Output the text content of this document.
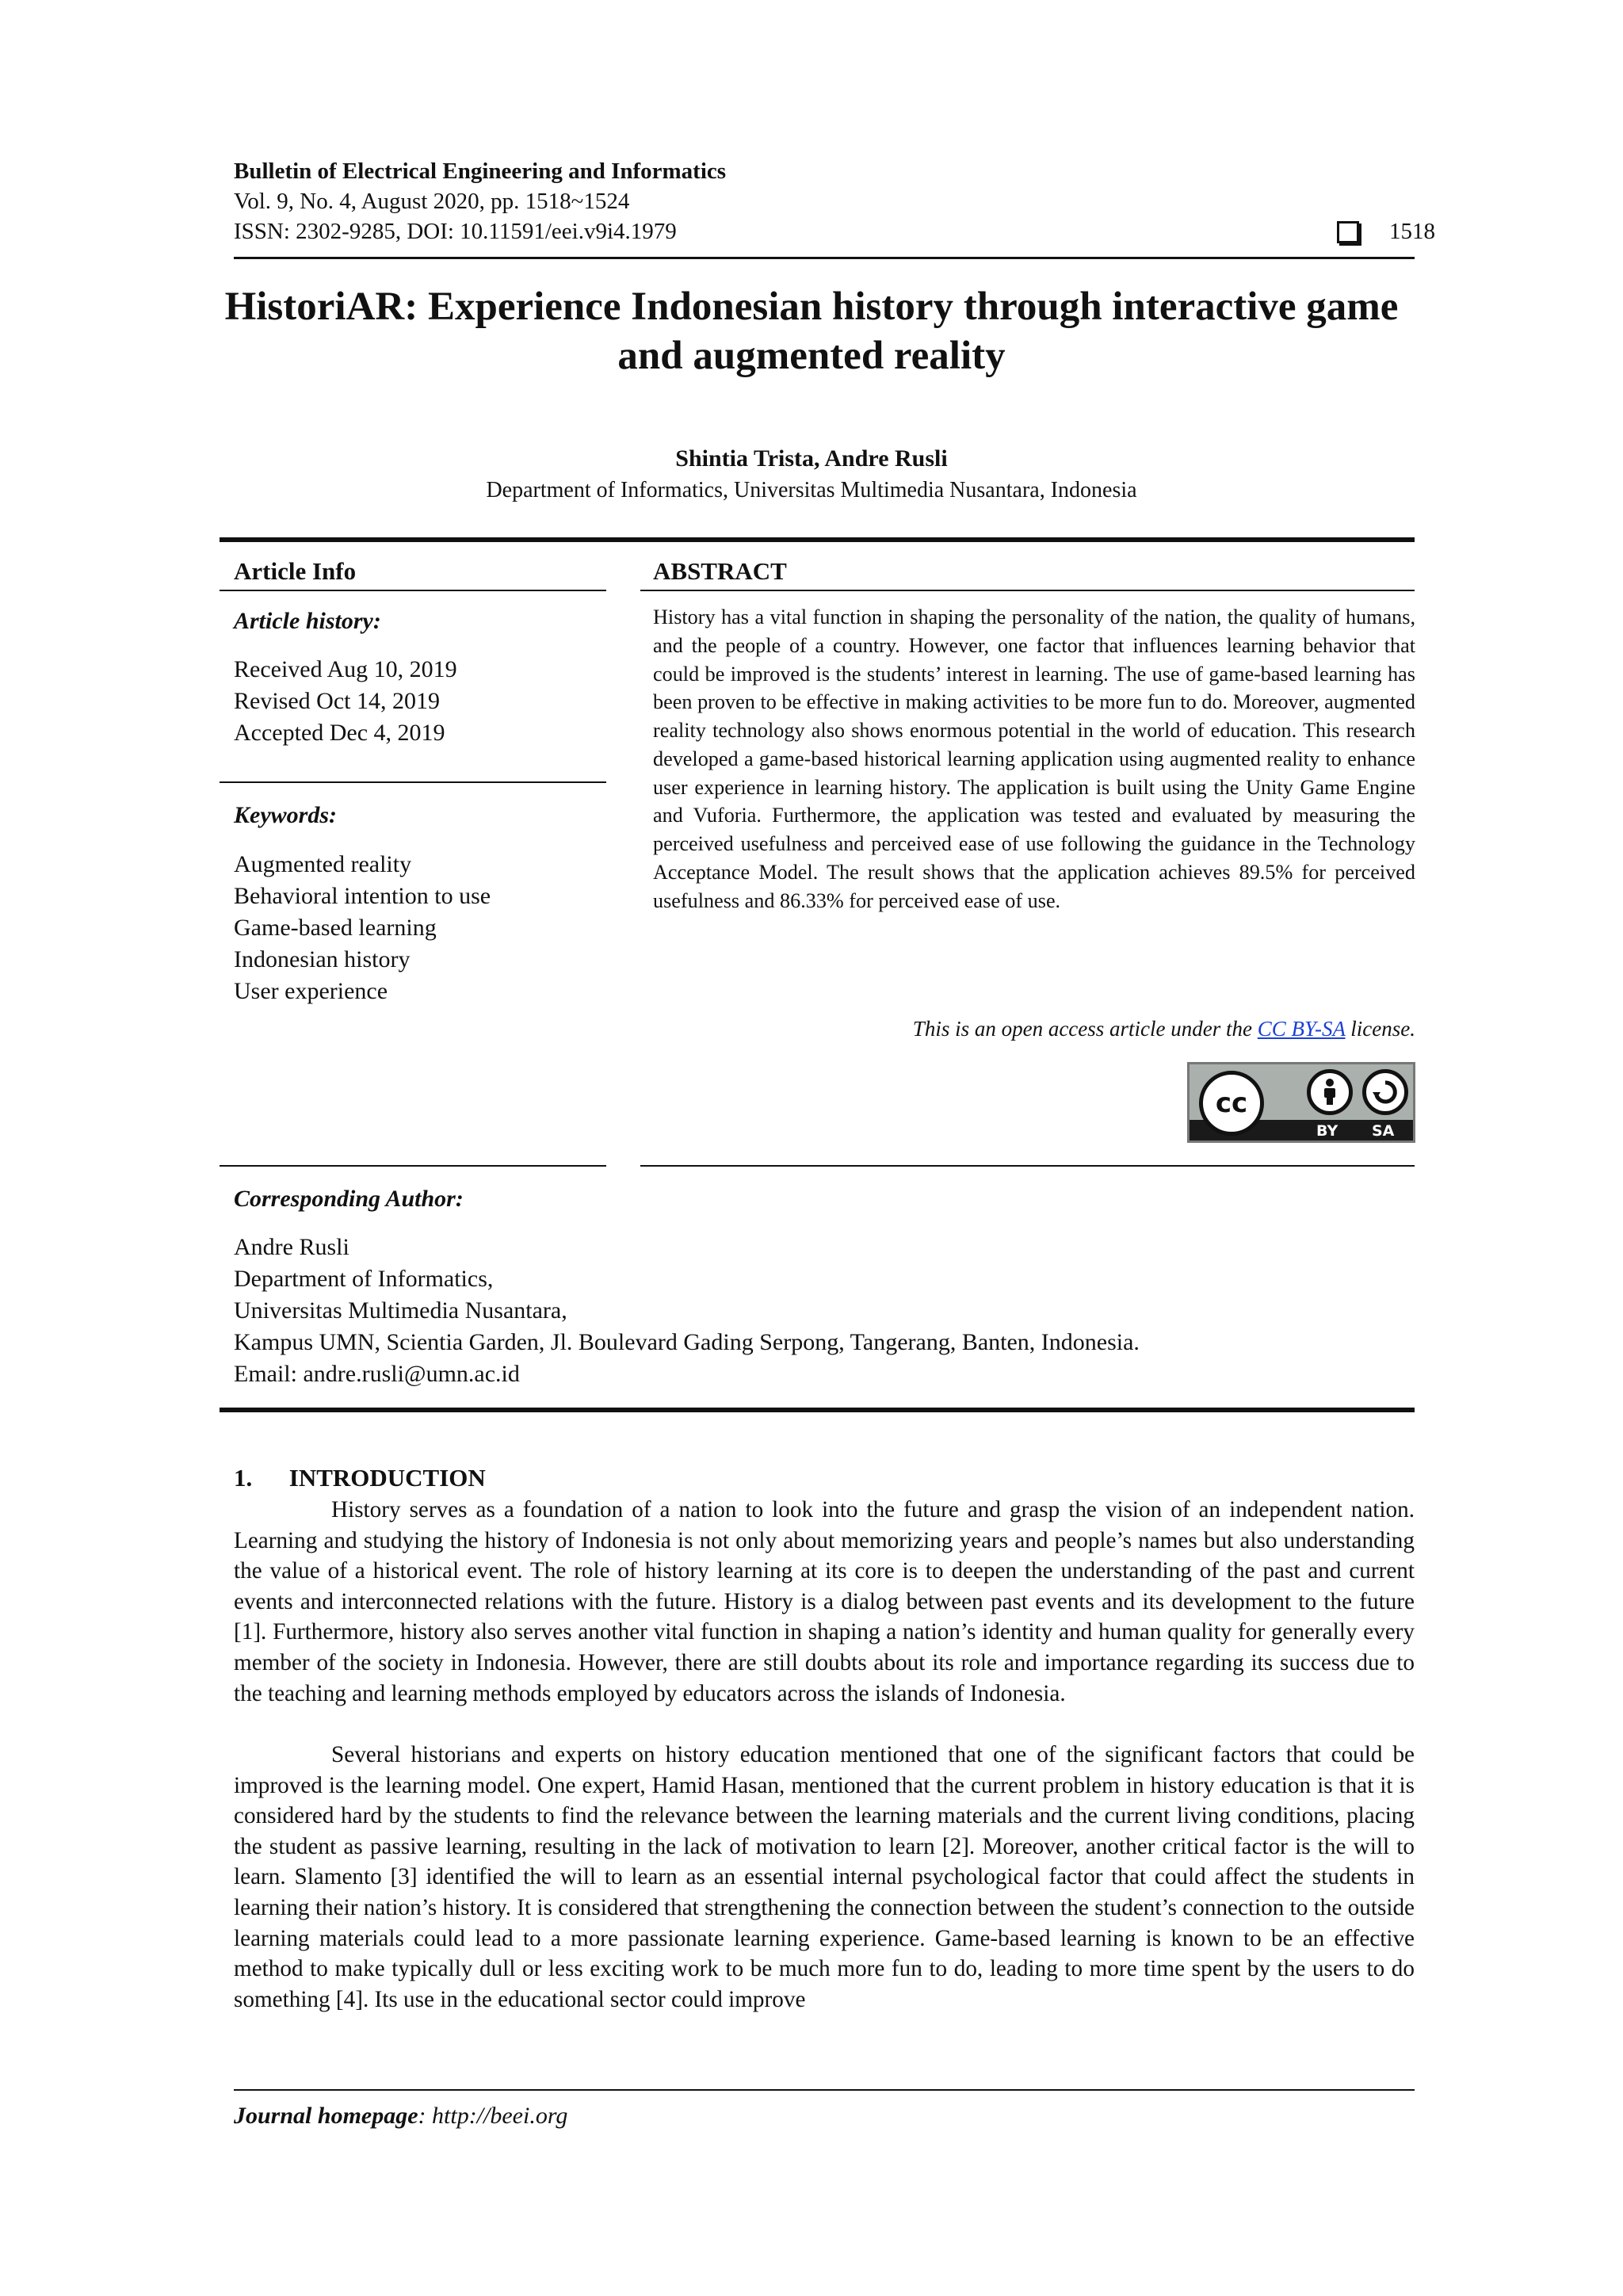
Bulletin of Electrical Engineering and Informatics
Vol. 9, No. 4, August 2020, pp. 1518~1524
ISSN: 2302-9285, DOI: 10.11591/eei.v9i4.1979	1518
HistoriAR: Experience Indonesian history through interactive game and augmented reality
Shintia Trista, Andre Rusli
Department of Informatics, Universitas Multimedia Nusantara, Indonesia
Article Info
Article history:
Received Aug 10, 2019
Revised Oct 14, 2019
Accepted Dec 4, 2019
Keywords:
Augmented reality
Behavioral intention to use
Game-based learning
Indonesian history
User experience
ABSTRACT
History has a vital function in shaping the personality of the nation, the quality of humans, and the people of a country. However, one factor that influences learning behavior that could be improved is the students’ interest in learning. The use of game-based learning has been proven to be effective in making activities to be more fun to do. Moreover, augmented reality technology also shows enormous potential in the world of education. This research developed a game-based historical learning application using augmented reality to enhance user experience in learning history. The application is built using the Unity Game Engine and Vuforia. Furthermore, the application was tested and evaluated by measuring the perceived usefulness and perceived ease of use following the guidance in the Technology Acceptance Model. The result shows that the application achieves 89.5% for perceived usefulness and 86.33% for perceived ease of use.
This is an open access article under the CC BY-SA license.
cc
BY SA
Corresponding Author:
Andre Rusli
Department of Informatics,
Universitas Multimedia Nusantara,
Kampus UMN, Scientia Garden, Jl. Boulevard Gading Serpong, Tangerang, Banten, Indonesia.
Email: andre.rusli@umn.ac.id
1.      INTRODUCTION
History serves as a foundation of a nation to look into the future and grasp the vision of an independent nation. Learning and studying the history of Indonesia is not only about memorizing years and people’s names but also understanding the value of a historical event. The role of history learning at its core is to deepen the understanding of the past and current events and interconnected relations with the future. History is a dialog between past events and its development to the future [1]. Furthermore, history also serves another vital function in shaping a nation’s identity and human quality for generally every member of the society in Indonesia. However, there are still doubts about its role and importance regarding its success due to the teaching and learning methods employed by educators across the islands of Indonesia.
Several historians and experts on history education mentioned that one of the significant factors that could be improved is the learning model. One expert, Hamid Hasan, mentioned that the current problem in history education is that it is considered hard by the students to find the relevance between the learning materials and the current living conditions, placing the student as passive learning, resulting in the lack of motivation to learn [2]. Moreover, another critical factor is the will to learn. Slamento [3] identified the will to learn as an essential internal psychological factor that could affect the students in learning their nation’s history. It is considered that strengthening the connection between the student’s connection to the outside learning materials could lead to a more passionate learning experience. Game-based learning is known to be an effective method to make typically dull or less exciting work to be much more fun to do, leading to more time spent by the users to do something [4]. Its use in the educational sector could improve
Journal homepage: http://beei.org
